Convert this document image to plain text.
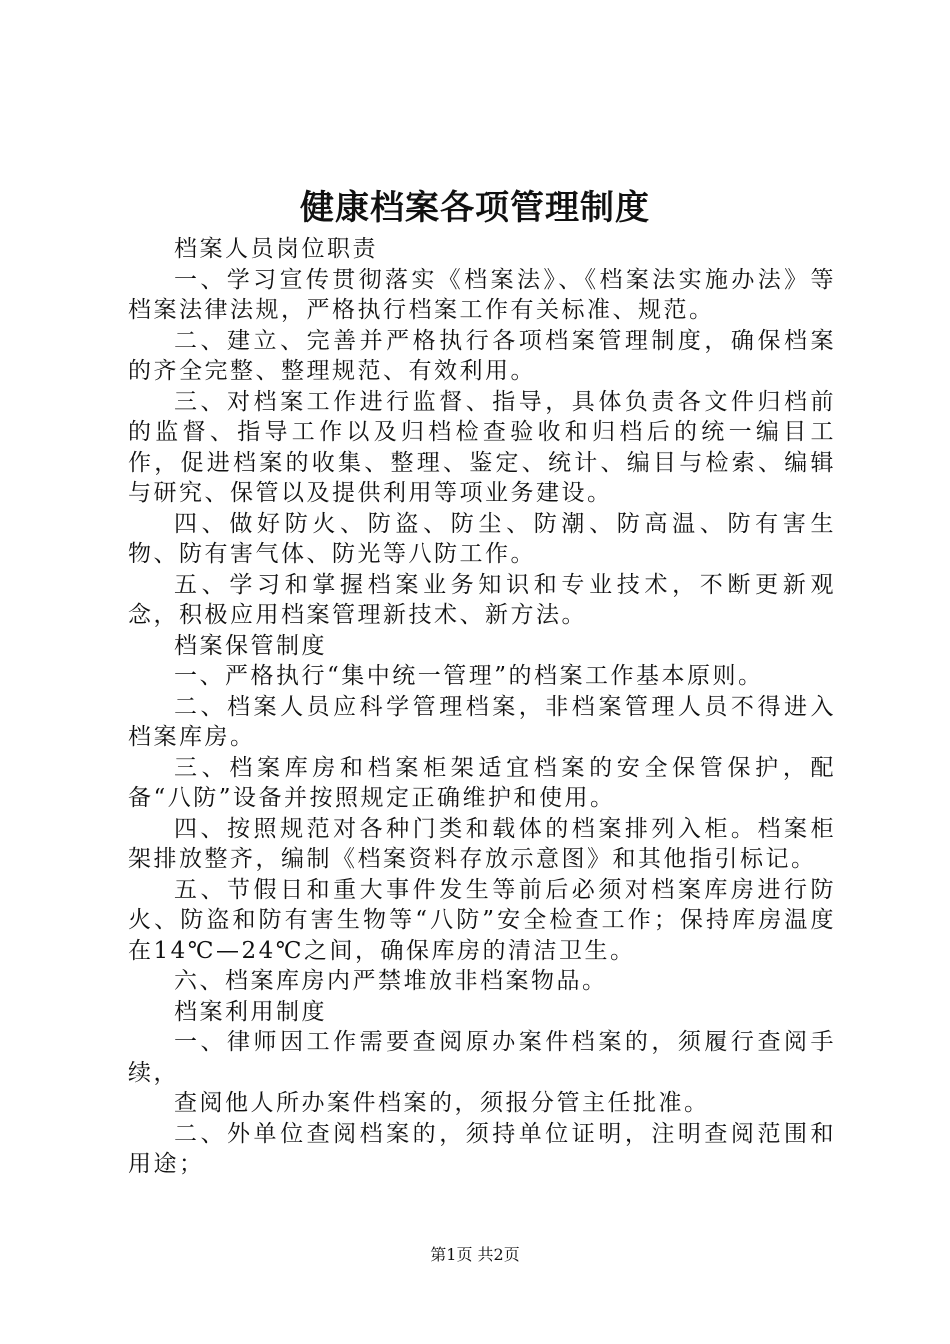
健康档案各项管理制度

档案人员岗位职责

一、学习宣传贯彻落实《档案法》、《档案法实施办法》等档案法律法规，严格执行档案工作有关标准、规范。

二、建立、完善并严格执行各项档案管理制度，确保档案的齐全完整、整理规范、有效利用。

三、对档案工作进行监督、指导，具体负责各文件归档前的监督、指导工作以及归档检查验收和归档后的统一编目工作，促进档案的收集、整理、鉴定、统计、编目与检索、编辑与研究、保管以及提供利用等项业务建设。

四、做好防火、防盗、防尘、防潮、防高温、防有害生物、防有害气体、防光等八防工作。

五、学习和掌握档案业务知识和专业技术，不断更新观念，积极应用档案管理新技术、新方法。

档案保管制度

一、严格执行“集中统一管理”的档案工作基本原则。

二、档案人员应科学管理档案，非档案管理人员不得进入档案库房。

三、档案库房和档案柜架适宜档案的安全保管保护，配备“八防”设备并按照规定正确维护和使用。

四、按照规范对各种门类和载体的档案排列入柜。档案柜架排放整齐，编制《档案资料存放示意图》和其他指引标记。

五、节假日和重大事件发生等前后必须对档案库房进行防火、防盗和防有害生物等“八防”安全检查工作；保持库房温度在14℃—24℃之间，确保库房的清洁卫生。

六、档案库房内严禁堆放非档案物品。

档案利用制度

一、律师因工作需要查阅原办案件档案的，须履行查阅手续，

查阅他人所办案件档案的，须报分管主任批准。

二、外单位查阅档案的，须持单位证明，注明查阅范围和用途；

第1页 共2页
